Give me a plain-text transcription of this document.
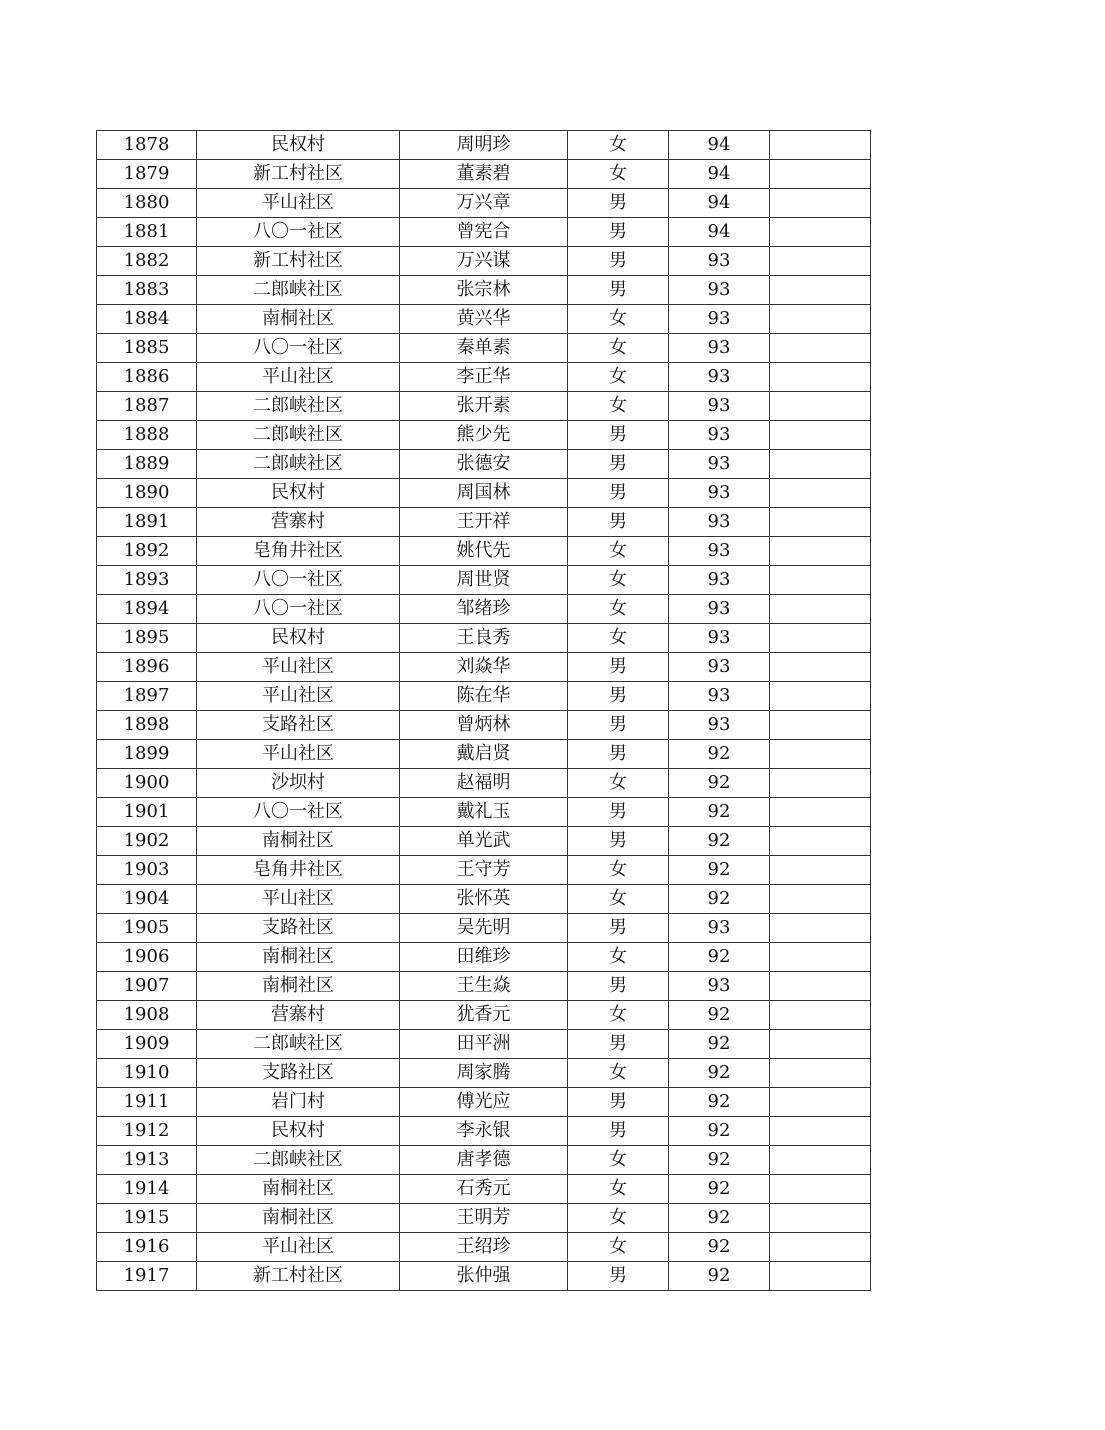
1878	民权村	周明珍	女	94	
1879	新工村社区	董素碧	女	94	
1880	平山社区	万兴章	男	94	
1881	八〇一社区	曾宪合	男	94	
1882	新工村社区	万兴谋	男	93	
1883	二郎峡社区	张宗林	男	93	
1884	南桐社区	黄兴华	女	93	
1885	八〇一社区	秦单素	女	93	
1886	平山社区	李正华	女	93	
1887	二郎峡社区	张开素	女	93	
1888	二郎峡社区	熊少先	男	93	
1889	二郎峡社区	张德安	男	93	
1890	民权村	周国林	男	93	
1891	营寨村	王开祥	男	93	
1892	皂角井社区	姚代先	女	93	
1893	八〇一社区	周世贤	女	93	
1894	八〇一社区	邹绪珍	女	93	
1895	民权村	王良秀	女	93	
1896	平山社区	刘焱华	男	93	
1897	平山社区	陈在华	男	93	
1898	支路社区	曾炳林	男	93	
1899	平山社区	戴启贤	男	92	
1900	沙坝村	赵福明	女	92	
1901	八〇一社区	戴礼玉	男	92	
1902	南桐社区	单光武	男	92	
1903	皂角井社区	王守芳	女	92	
1904	平山社区	张怀英	女	92	
1905	支路社区	吴先明	男	93	
1906	南桐社区	田维珍	女	92	
1907	南桐社区	王生焱	男	93	
1908	营寨村	犹香元	女	92	
1909	二郎峡社区	田平洲	男	92	
1910	支路社区	周家腾	女	92	
1911	岩门村	傅光应	男	92	
1912	民权村	李永银	男	92	
1913	二郎峡社区	唐孝德	女	92	
1914	南桐社区	石秀元	女	92	
1915	南桐社区	王明芳	女	92	
1916	平山社区	王绍珍	女	92	
1917	新工村社区	张仲强	男	92	
